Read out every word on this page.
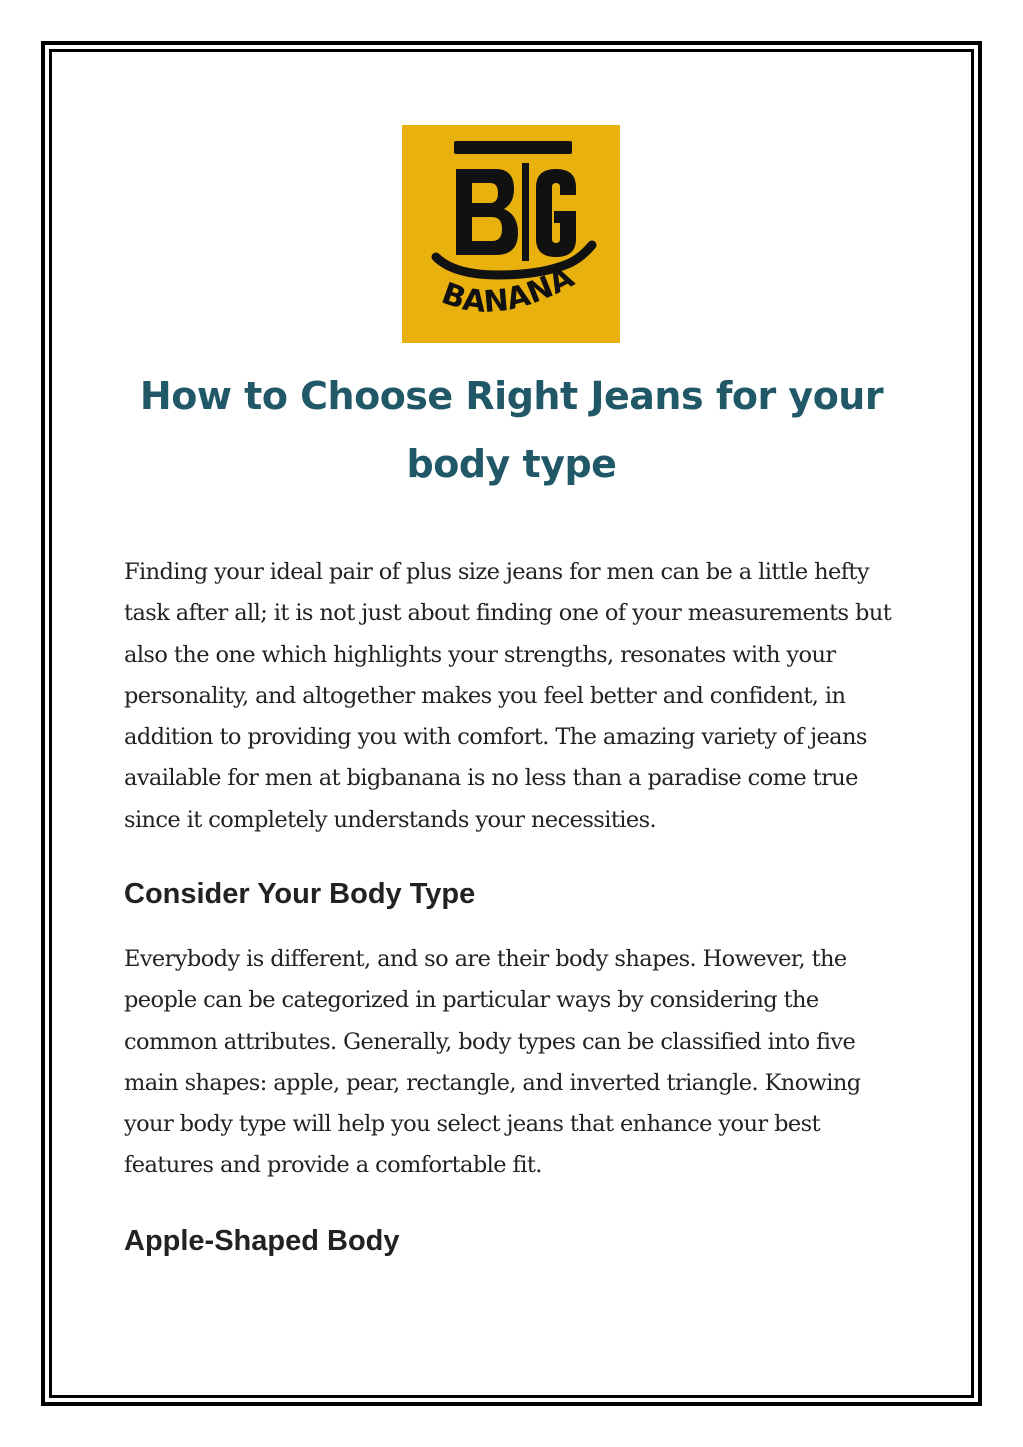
BANANA
How to Choose Right Jeans for your body type

Finding your ideal pair of plus size jeans for men can be a little hefty task after all; it is not just about finding one of your measurements but also the one which highlights your strengths, resonates with your personality, and altogether makes you feel better and confident, in addition to providing you with comfort. The amazing variety of jeans available for men at bigbanana is no less than a paradise come true since it completely understands your necessities.

Consider Your Body Type

Everybody is different, and so are their body shapes. However, the people can be categorized in particular ways by considering the common attributes. Generally, body types can be classified into five main shapes: apple, pear, rectangle, and inverted triangle. Knowing your body type will help you select jeans that enhance your best features and provide a comfortable fit.

Apple-Shaped Body
